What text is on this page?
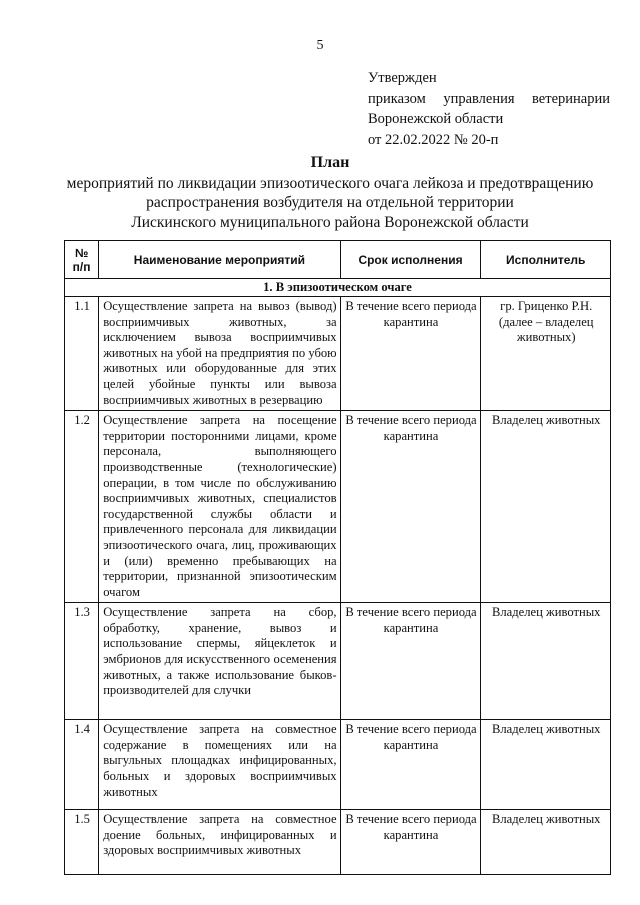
5
Утвержден
приказом управления ветеринарии
Воронежской области
от 22.02.2022 № 20-п
План
мероприятий по ликвидации эпизоотического очага лейкоза и предотвращению
распространения возбудителя на отдельной территории
Лискинского муниципального района Воронежской области
№ п/п	Наименование мероприятий	Срок исполнения	Исполнитель
1. В эпизоотическом очаге			
1.1	Осуществление запрета на вывоз (вывод) восприимчивых животных, за исключением вывоза восприимчивых животных на убой на предприятия по убою животных или оборудованные для этих целей убойные пункты или вывоза восприимчивых животных в резервацию	В течение всего периода карантина	гр. Гриценко Р.Н. (далее – владелец животных)
1.2	Осуществление запрета на посещение территории посторонними лицами, кроме персонала, выполняющего производственные (технологические) операции, в том числе по обслуживанию восприимчивых животных, специалистов государственной службы области и привлеченного персонала для ликвидации эпизоотического очага, лиц, проживающих и (или) временно пребывающих на территории, признанной эпизоотическим очагом	В течение всего периода карантина	Владелец животных
1.3	Осуществление запрета на сбор, обработку, хранение, вывоз и использование спермы, яйцеклеток и эмбрионов для искусственного осеменения животных, а также использование быков-производителей для случки	В течение всего периода карантина	Владелец животных
1.4	Осуществление запрета на совместное содержание в помещениях или на выгульных площадках инфицированных, больных и здоровых восприимчивых животных	В течение всего периода карантина	Владелец животных
1.5	Осуществление запрета на совместное доение больных, инфицированных и здоровых восприимчивых животных	В течение всего периода карантина	Владелец животных
